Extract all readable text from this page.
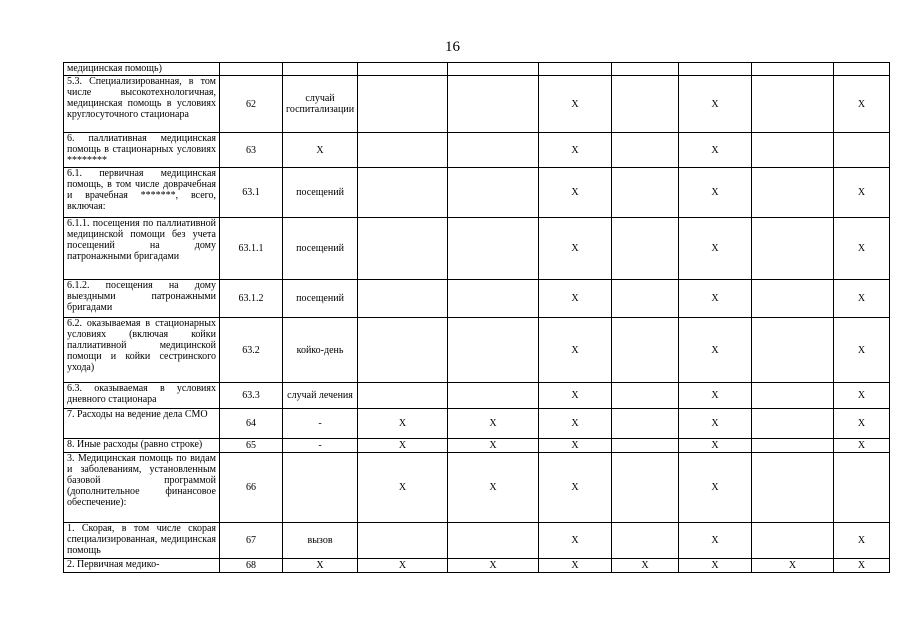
16
медицинская помощь)									
5.3. Специализированная, в том числе высокотехнологичная, медицинская помощь в условиях круглосуточного стационара	62	случай госпитализации			X		X		X
6. паллиативная медицинская помощь в стационарных условиях ********	63	X			X		X		
6.1. первичная медицинская помощь, в том числе доврачебная и врачебная *******, всего, включая:	63.1	посещений			X		X		X
6.1.1. посещения по паллиативной медицинской помощи без учета посещений на дому патронажными бригадами	63.1.1	посещений			X		X		X
6.1.2. посещения на дому выездными патронажными бригадами	63.1.2	посещений			X		X		X
6.2. оказываемая в стационарных условиях (включая койки паллиативной медицинской помощи и койки сестринского ухода)	63.2	койко-день			X		X		X
6.3. оказываемая в условиях дневного стационара	63.3	случай лечения			X		X		X
7. Расходы на ведение дела СМО	64	-	X	X	X		X		X
8. Иные расходы (равно строке)	65	-	X	X	X		X		X
3. Медицинская помощь по видам и заболеваниям, установленным базовой программой (дополнительное финансовое обеспечение):	66		X	X	X		X		
1. Скорая, в том числе скорая специализированная, медицинская помощь	67	вызов			X		X		X
2. Первичная медико-	68	X	X	X	X	X	X	X	X
